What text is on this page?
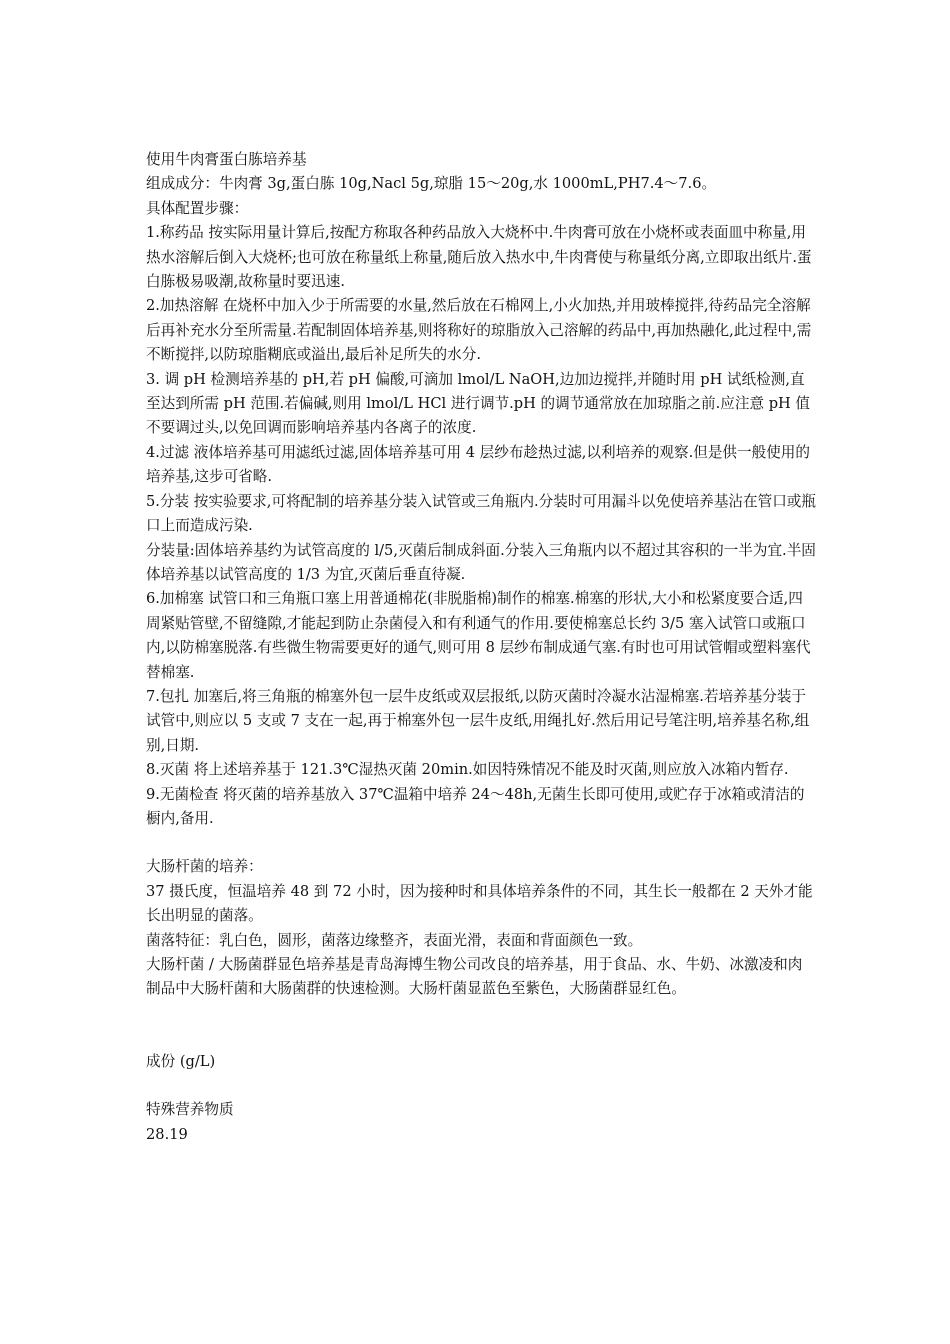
使用牛肉膏蛋白胨培养基

组成成分：牛肉膏 3g,蛋白胨 10g,Nacl 5g,琼脂 15～20g,水 1000mL,PH7.4～7.6。

具体配置步骤：

1.称药品 按实际用量计算后,按配方称取各种药品放入大烧杯中.牛肉膏可放在小烧杯或表面皿中称量,用热水溶解后倒入大烧杯;也可放在称量纸上称量,随后放入热水中,牛肉膏使与称量纸分离,立即取出纸片.蛋白胨极易吸潮,故称量时要迅速.

2.加热溶解 在烧杯中加入少于所需要的水量,然后放在石棉网上,小火加热,并用玻棒搅拌,待药品完全溶解后再补充水分至所需量.若配制固体培养基,则将称好的琼脂放入己溶解的药品中,再加热融化,此过程中,需不断搅拌,以防琼脂糊底或溢出,最后补足所失的水分.

3. 调 pH 检测培养基的 pH,若 pH 偏酸,可滴加 lmol/L NaOH,边加边搅拌,并随时用 pH 试纸检测,直至达到所需 pH 范围.若偏碱,则用 lmol/L HCl 进行调节.pH 的调节通常放在加琼脂之前.应注意 pH 值不要调过头,以免回调而影响培养基内各离子的浓度.

4.过滤 液体培养基可用滤纸过滤,固体培养基可用 4 层纱布趁热过滤,以利培养的观察.但是供一般使用的培养基,这步可省略.

5.分装 按实验要求,可将配制的培养基分装入试管或三角瓶内.分装时可用漏斗以免使培养基沾在管口或瓶口上而造成污染.

分装量:固体培养基约为试管高度的 l/5,灭菌后制成斜面.分装入三角瓶内以不超过其容积的一半为宜.半固体培养基以试管高度的 1/3 为宜,灭菌后垂直待凝.

6.加棉塞 试管口和三角瓶口塞上用普通棉花(非脱脂棉)制作的棉塞.棉塞的形状,大小和松紧度要合适,四周紧贴管壁,不留缝隙,才能起到防止杂菌侵入和有利通气的作用.要使棉塞总长约 3/5 塞入试管口或瓶口内,以防棉塞脱落.有些微生物需要更好的通气,则可用 8 层纱布制成通气塞.有时也可用试管帽或塑料塞代替棉塞.

7.包扎 加塞后,将三角瓶的棉塞外包一层牛皮纸或双层报纸,以防灭菌时冷凝水沾湿棉塞.若培养基分装于试管中,则应以 5 支或 7 支在一起,再于棉塞外包一层牛皮纸,用绳扎好.然后用记号笔注明,培养基名称,组别,日期.

8.灭菌 将上述培养基于 121.3℃湿热灭菌 20min.如因特殊情况不能及时灭菌,则应放入冰箱内暂存.

9.无菌检查 将灭菌的培养基放入 37℃温箱中培养 24～48h,无菌生长即可使用,或贮存于冰箱或清洁的橱内,备用.

大肠杆菌的培养：

37 摄氏度，恒温培养 48 到 72 小时，因为接种时和具体培养条件的不同，其生长一般都在 2 天外才能长出明显的菌落。

菌落特征：乳白色，圆形，菌落边缘整齐，表面光滑，表面和背面颜色一致。

大肠杆菌 / 大肠菌群显色培养基是青岛海博生物公司改良的培养基，用于食品、水、牛奶、冰激凌和肉制品中大肠杆菌和大肠菌群的快速检测。大肠杆菌显蓝色至紫色，大肠菌群显红色。

成份 (g/L)

特殊营养物质

28.19
